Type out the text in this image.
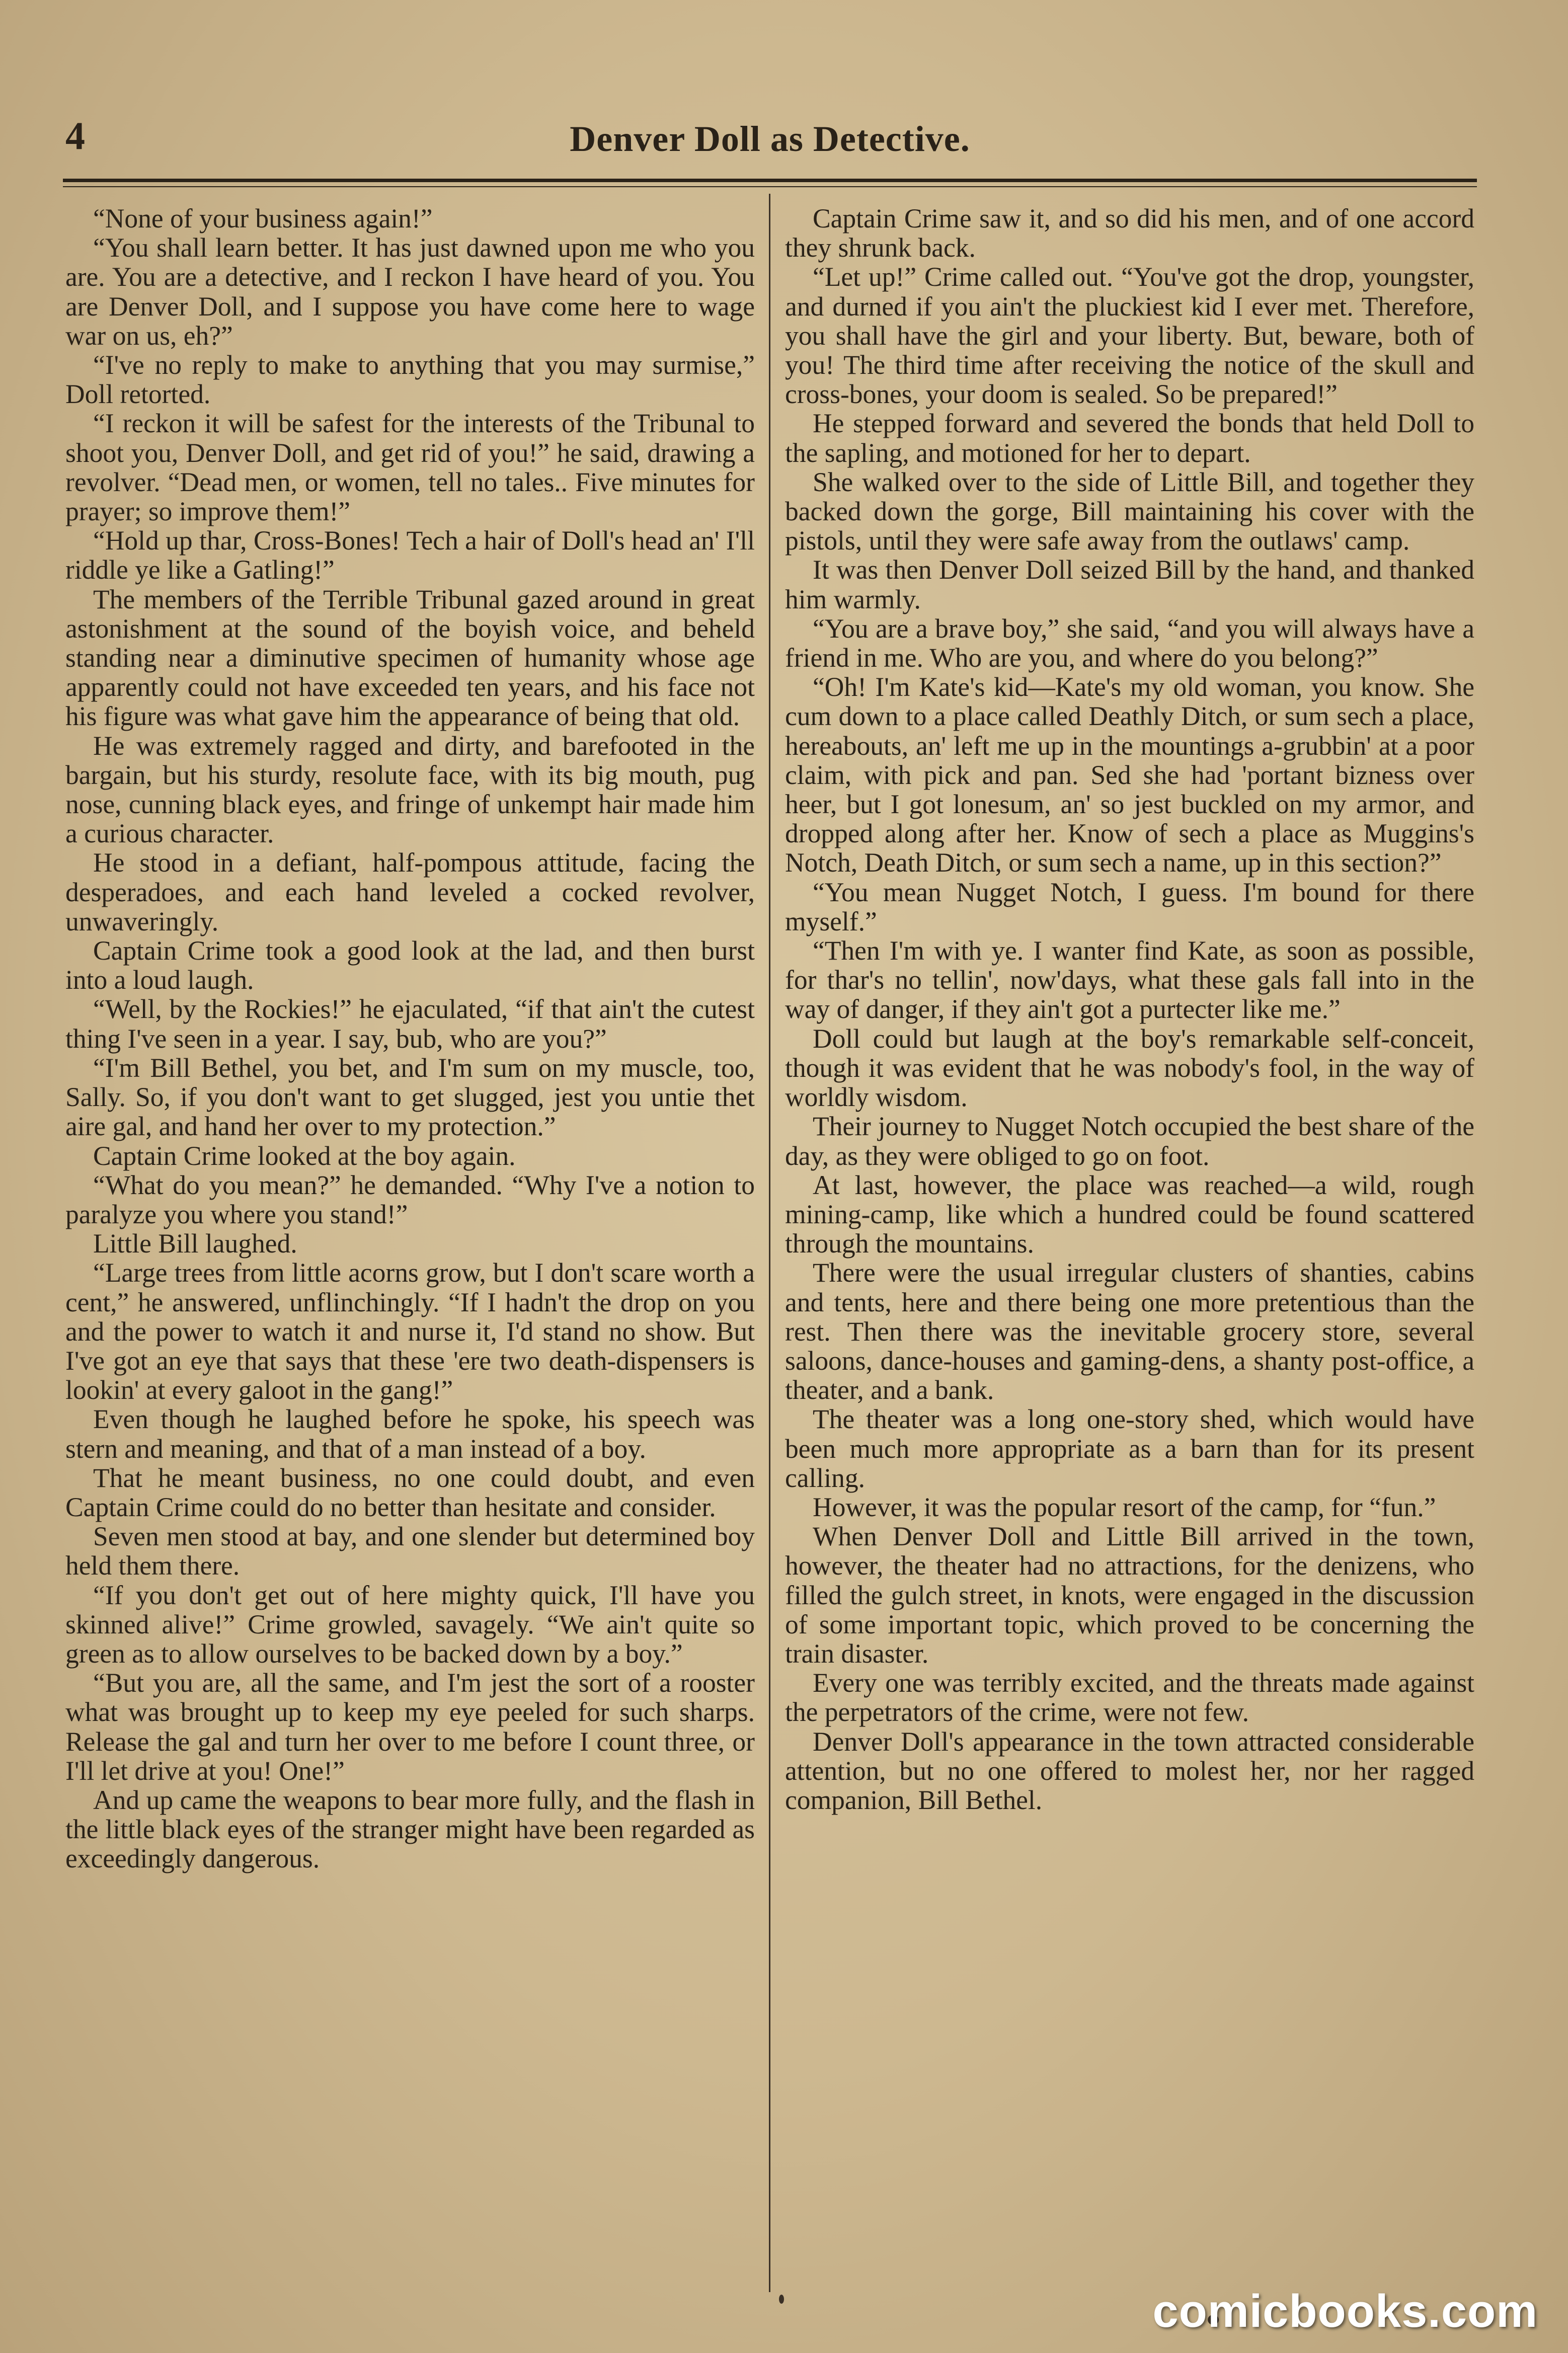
4	Denver Doll as Detective.

“None of your business again!”

“You shall learn better. It has just dawned upon me who you are. You are a detective, and I reckon I have heard of you. You are Denver Doll, and I suppose you have come here to wage war on us, eh?”

“I've no reply to make to anything that you may surmise,” Doll retorted.

“I reckon it will be safest for the interests of the Tribunal to shoot you, Denver Doll, and get rid of you!” he said, drawing a revolver. “Dead men, or women, tell no tales.. Five minutes for prayer; so improve them!”

“Hold up thar, Cross-Bones! Tech a hair of Doll's head an' I'll riddle ye like a Gatling!”

The members of the Terrible Tribunal gazed around in great astonishment at the sound of the boyish voice, and beheld standing near a diminutive specimen of humanity whose age apparently could not have exceeded ten years, and his face not his figure was what gave him the appearance of being that old.

He was extremely ragged and dirty, and barefooted in the bargain, but his sturdy, resolute face, with its big mouth, pug nose, cunning black eyes, and fringe of unkempt hair made him a curious character.

He stood in a defiant, half-pompous attitude, facing the desperadoes, and each hand leveled a cocked revolver, unwaveringly.

Captain Crime took a good look at the lad, and then burst into a loud laugh.

“Well, by the Rockies!” he ejaculated, “if that ain't the cutest thing I've seen in a year. I say, bub, who are you?”

“I'm Bill Bethel, you bet, and I'm sum on my muscle, too, Sally. So, if you don't want to get slugged, jest you untie thet aire gal, and hand her over to my protection.”

Captain Crime looked at the boy again.

“What do you mean?” he demanded. “Why I've a notion to paralyze you where you stand!”

Little Bill laughed.

“Large trees from little acorns grow, but I don't scare worth a cent,” he answered, unflinchingly. “If I hadn't the drop on you and the power to watch it and nurse it, I'd stand no show. But I've got an eye that says that these 'ere two death-dispensers is lookin' at every galoot in the gang!”

Even though he laughed before he spoke, his speech was stern and meaning, and that of a man instead of a boy.

That he meant business, no one could doubt, and even Captain Crime could do no better than hesitate and consider.

Seven men stood at bay, and one slender but determined boy held them there.

“If you don't get out of here mighty quick, I'll have you skinned alive!” Crime growled, savagely. “We ain't quite so green as to allow ourselves to be backed down by a boy.”

“But you are, all the same, and I'm jest the sort of a rooster what was brought up to keep my eye peeled for such sharps. Release the gal and turn her over to me before I count three, or I'll let drive at you! One!”

And up came the weapons to bear more fully, and the flash in the little black eyes of the stranger might have been regarded as exceedingly dangerous.

Captain Crime saw it, and so did his men, and of one accord they shrunk back.

“Let up!” Crime called out. “You've got the drop, youngster, and durned if you ain't the pluckiest kid I ever met. Therefore, you shall have the girl and your liberty. But, beware, both of you! The third time after receiving the notice of the skull and cross-bones, your doom is sealed. So be prepared!”

He stepped forward and severed the bonds that held Doll to the sapling, and motioned for her to depart.

She walked over to the side of Little Bill, and together they backed down the gorge, Bill maintaining his cover with the pistols, until they were safe away from the outlaws' camp.

It was then Denver Doll seized Bill by the hand, and thanked him warmly.

“You are a brave boy,” she said, “and you will always have a friend in me. Who are you, and where do you belong?”

“Oh! I'm Kate's kid—Kate's my old woman, you know. She cum down to a place called Deathly Ditch, or sum sech a place, hereabouts, an' left me up in the mountings a-grubbin' at a poor claim, with pick and pan. Sed she had 'portant bizness over heer, but I got lonesum, an' so jest buckled on my armor, and dropped along after her. Know of sech a place as Muggins's Notch, Death Ditch, or sum sech a name, up in this section?”

“You mean Nugget Notch, I guess. I'm bound for there myself.”

“Then I'm with ye. I wanter find Kate, as soon as possible, for thar's no tellin', now'days, what these gals fall into in the way of danger, if they ain't got a purtecter like me.”

Doll could but laugh at the boy's remarkable self-conceit, though it was evident that he was nobody's fool, in the way of worldly wisdom.

Their journey to Nugget Notch occupied the best share of the day, as they were obliged to go on foot.

At last, however, the place was reached—a wild, rough mining-camp, like which a hundred could be found scattered through the mountains.

There were the usual irregular clusters of shanties, cabins and tents, here and there being one more pretentious than the rest. Then there was the inevitable grocery store, several saloons, dance-houses and gaming-dens, a shanty post-office, a theater, and a bank.

The theater was a long one-story shed, which would have been much more appropriate as a barn than for its present calling.

However, it was the popular resort of the camp, for “fun.”

When Denver Doll and Little Bill arrived in the town, however, the theater had no attractions, for the denizens, who filled the gulch street, in knots, were engaged in the discussion of some important topic, which proved to be concerning the train disaster.

Every one was terribly excited, and the threats made against the perpetrators of the crime, were not few.

Denver Doll's appearance in the town attracted considerable attention, but no one offered to molest her, nor her ragged companion, Bill Bethel.

comicbooks.com
